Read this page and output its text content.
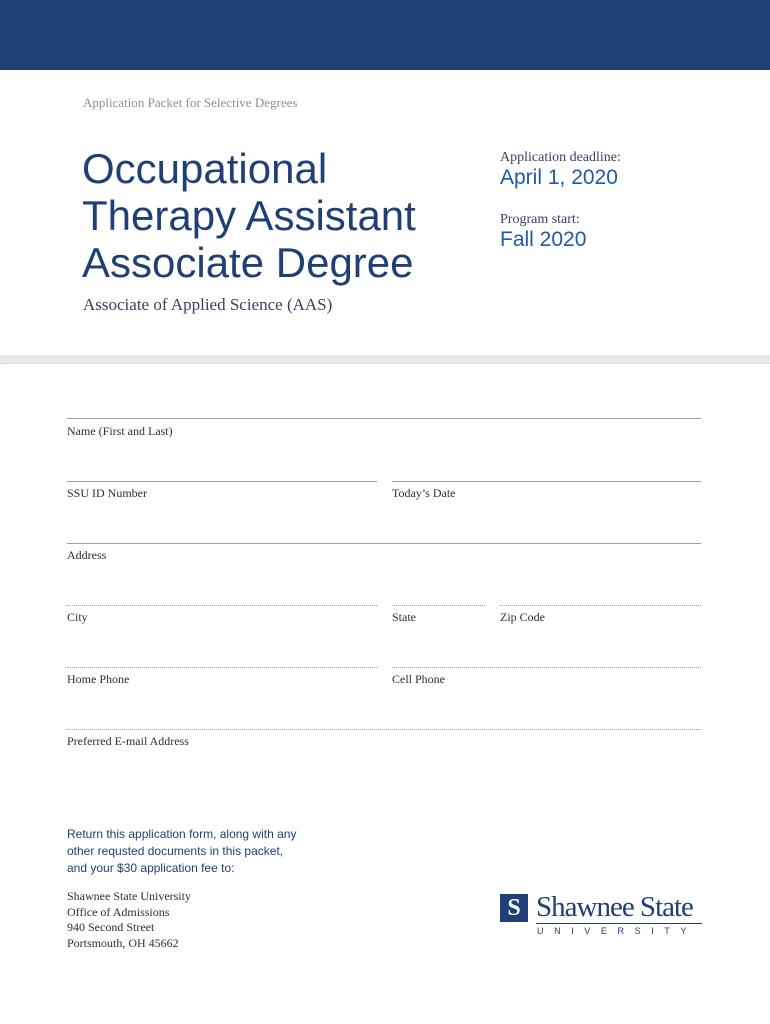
Application Packet for Selective Degrees
Occupational
Therapy Assistant
Associate Degree
Associate of Applied Science (AAS)
Application deadline:
April 1, 2020
Program start:
Fall 2020
Name (First and Last)
SSU ID Number	Today’s Date
Address
City	State	Zip Code
Home Phone	Cell Phone
Preferred E-mail Address
Return this application form, along with any
other requsted documents in this packet,
and your $30 application fee to:
Shawnee State University
Office of Admissions
940 Second Street
Portsmouth, OH 45662
S Shawnee State
UNIVERSITY
